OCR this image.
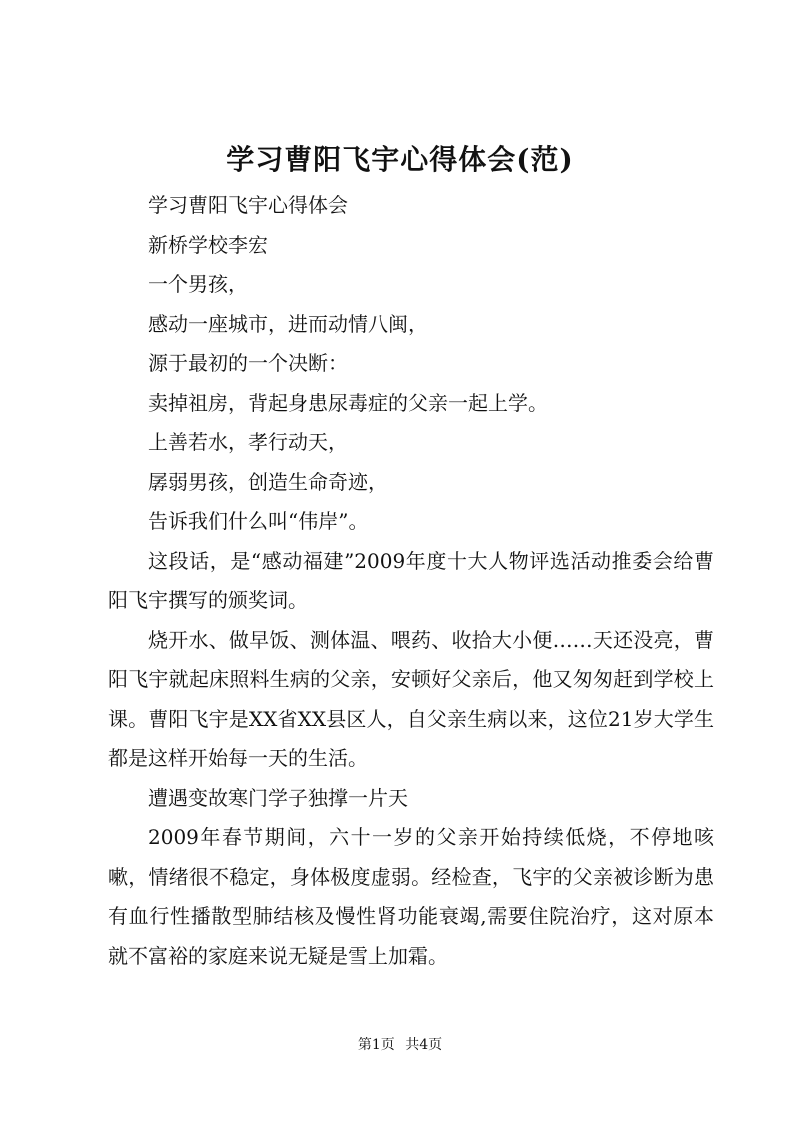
学习曹阳飞宇心得体会(范)

学习曹阳飞宇心得体会

新桥学校李宏

一个男孩，

感动一座城市，进而动情八闽，

源于最初的一个决断：

卖掉祖房，背起身患尿毒症的父亲一起上学。

上善若水，孝行动天，

孱弱男孩，创造生命奇迹，

告诉我们什么叫“伟岸”。

这段话，是“感动福建”2009年度十大人物评选活动推委会给曹阳飞宇撰写的颁奖词。

烧开水、做早饭、测体温、喂药、收拾大小便……天还没亮，曹阳飞宇就起床照料生病的父亲，安顿好父亲后，他又匆匆赶到学校上课。曹阳飞宇是XX省XX县区人，自父亲生病以来，这位21岁大学生都是这样开始每一天的生活。

遭遇变故寒门学子独撑一片天

2009年春节期间，六十一岁的父亲开始持续低烧，不停地咳嗽，情绪很不稳定，身体极度虚弱。经检查，飞宇的父亲被诊断为患有血行性播散型肺结核及慢性肾功能衰竭,需要住院治疗，这对原本就不富裕的家庭来说无疑是雪上加霜。

第1页 共4页
